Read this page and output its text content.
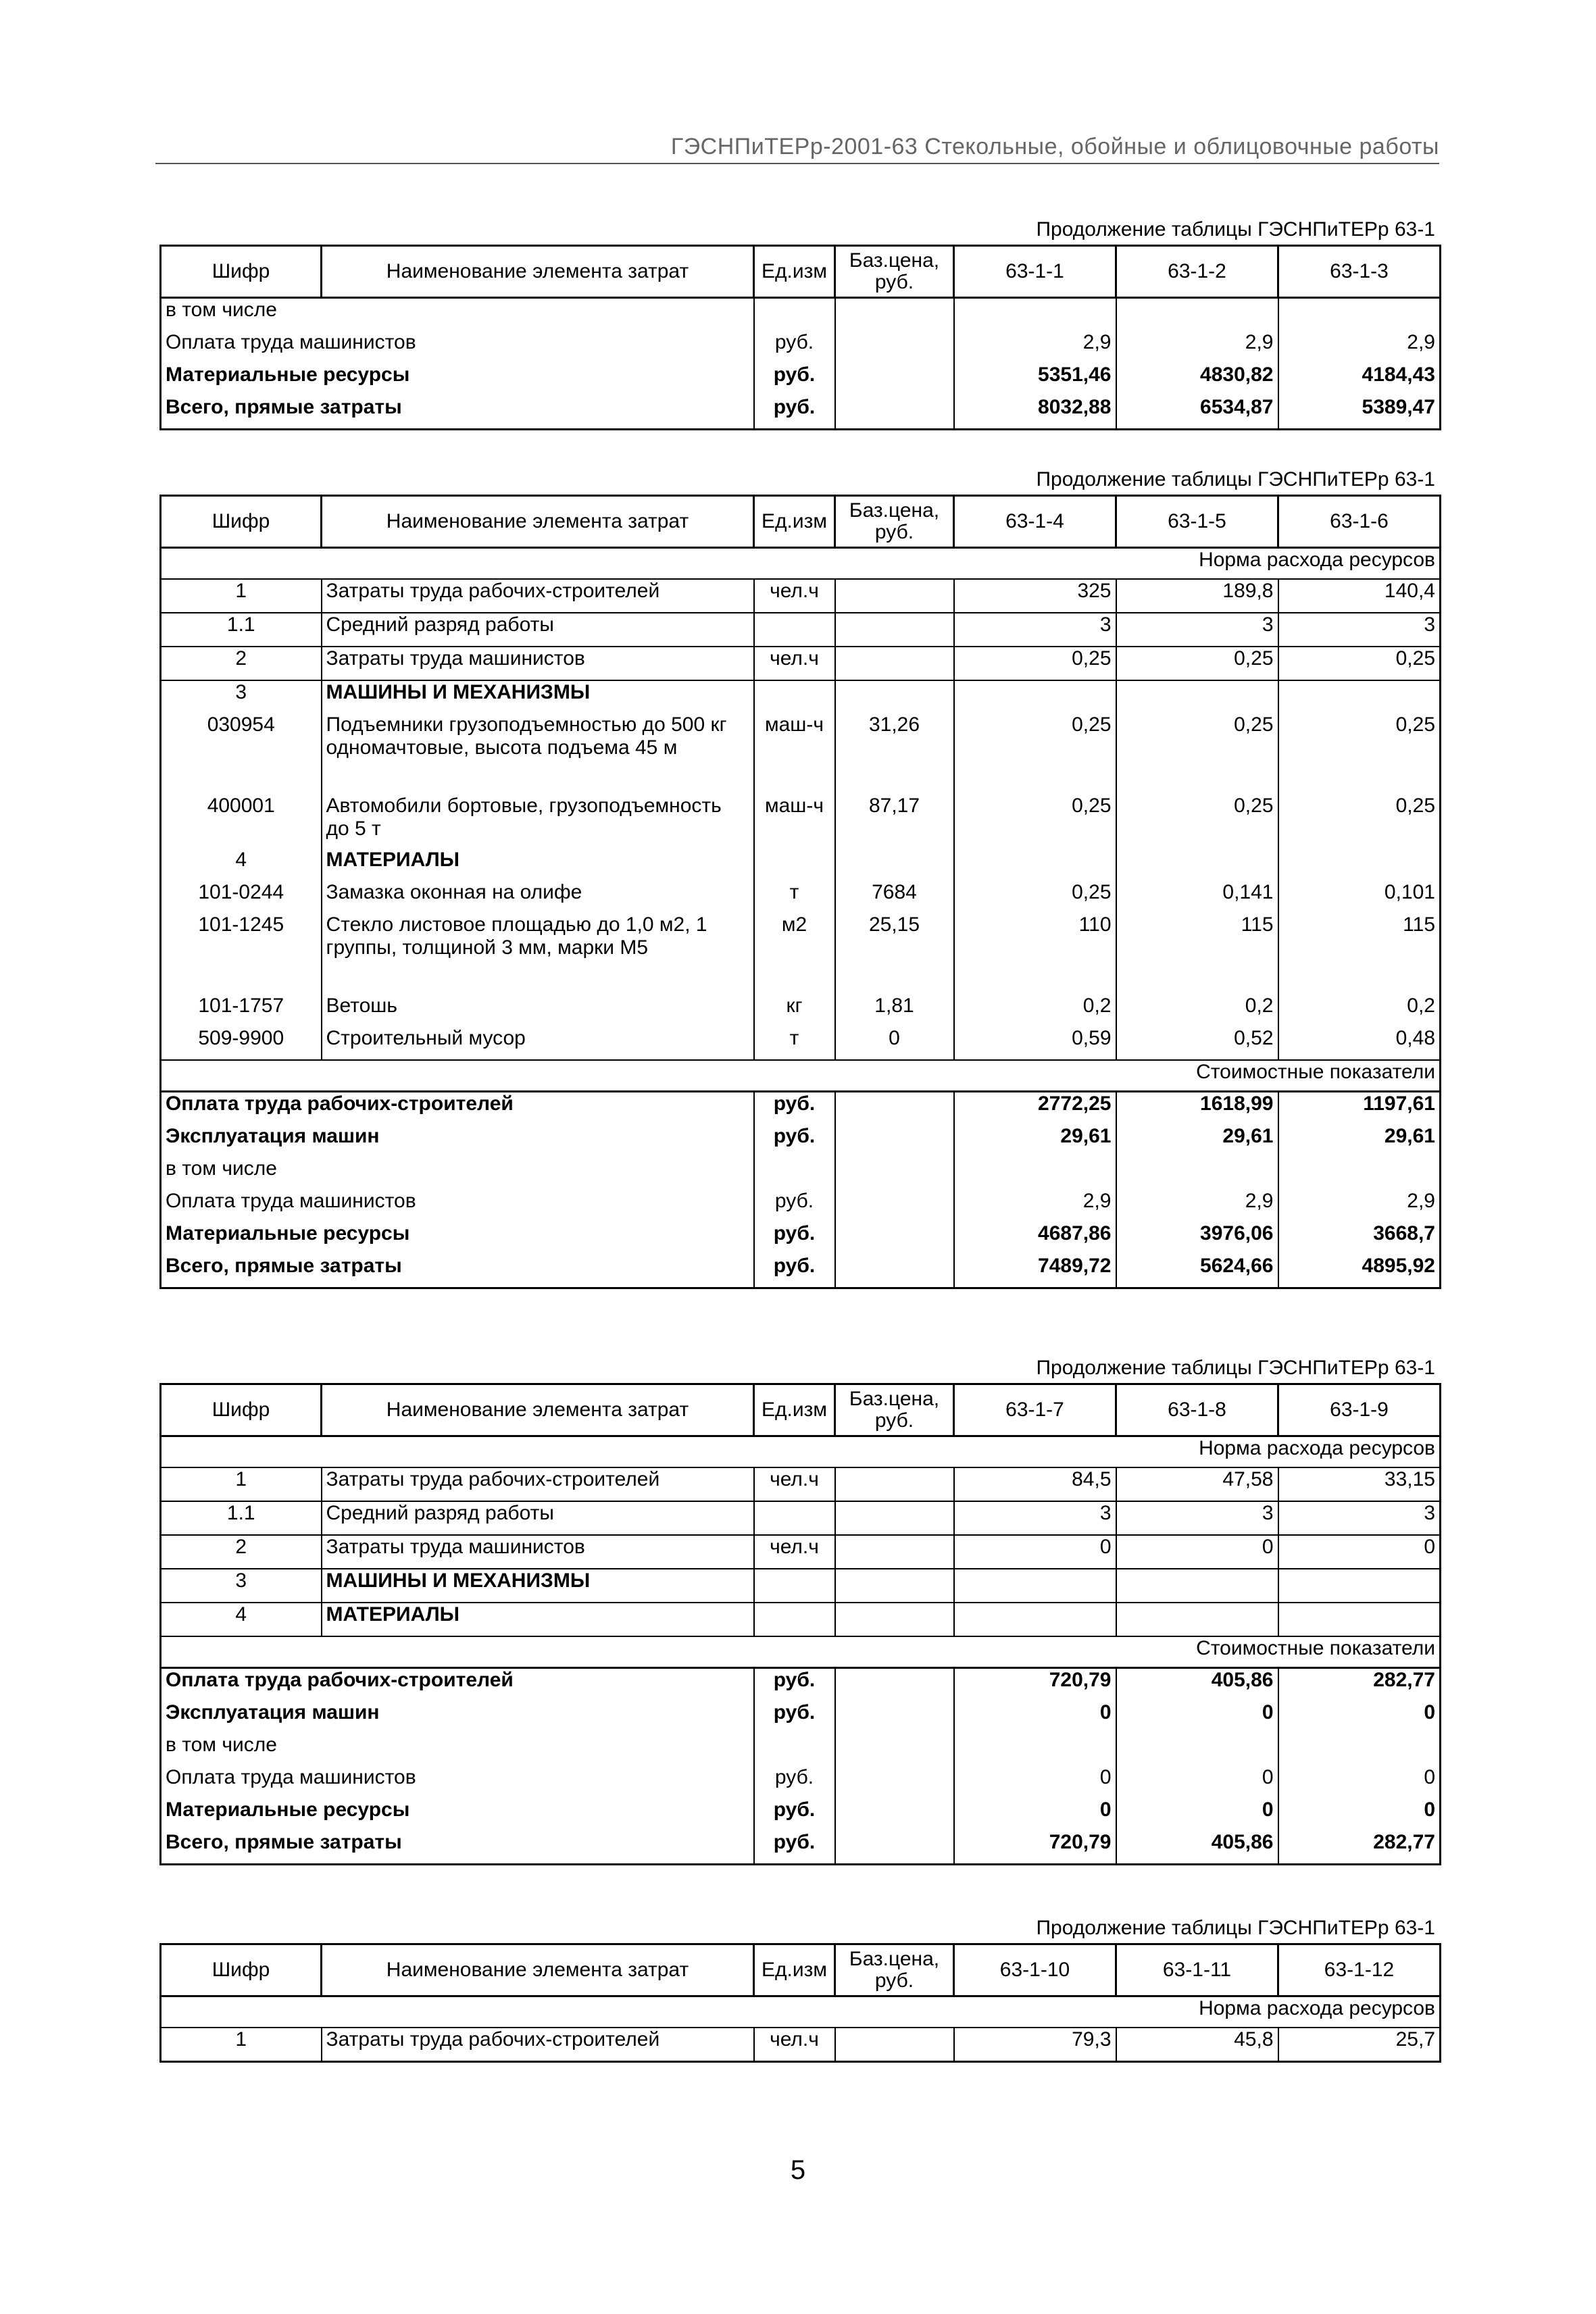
ГЭСНПиТЕРр-2001-63 Стекольные, обойные и облицовочные работы
Продолжение таблицы ГЭСНПиТЕРр 63-1
Шифр	Наименование элемента затрат	Ед.изм	Баз.цена, руб.	63-1-1	63-1-2	63-1-3
в том числе						
Оплата труда машинистов		руб.		2,9	2,9	2,9
Материальные ресурсы		руб.		5351,46	4830,82	4184,43
Всего, прямые затраты		руб.		8032,88	6534,87	5389,47
Продолжение таблицы ГЭСНПиТЕРр 63-1
Шифр	Наименование элемента затрат	Ед.изм	Баз.цена, руб.	63-1-4	63-1-5	63-1-6
Норма расхода ресурсов						
1	Затраты труда рабочих-строителей	чел.ч		325	189,8	140,4
1.1	Средний разряд работы			3	3	3
2	Затраты труда машинистов	чел.ч		0,25	0,25	0,25
3	МАШИНЫ И МЕХАНИЗМЫ					
030954	Подъемники грузоподъемностью до 500 кг одномачтовые, высота подъема 45 м	маш-ч	31,26	0,25	0,25	0,25
400001	Автомобили бортовые, грузоподъемность до 5 т	маш-ч	87,17	0,25	0,25	0,25
4	МАТЕРИАЛЫ					
101-0244	Замазка оконная на олифе	т	7684	0,25	0,141	0,101
101-1245	Стекло листовое площадью до 1,0 м2, 1 группы, толщиной 3 мм, марки М5	м2	25,15	110	115	115
101-1757	Ветошь	кг	1,81	0,2	0,2	0,2
509-9900	Строительный мусор	т	0	0,59	0,52	0,48
Стоимостные показатели						
Оплата труда рабочих-строителей		руб.		2772,25	1618,99	1197,61
Эксплуатация машин		руб.		29,61	29,61	29,61
в том числе						
Оплата труда машинистов		руб.		2,9	2,9	2,9
Материальные ресурсы		руб.		4687,86	3976,06	3668,7
Всего, прямые затраты		руб.		7489,72	5624,66	4895,92
Продолжение таблицы ГЭСНПиТЕРр 63-1
Шифр	Наименование элемента затрат	Ед.изм	Баз.цена, руб.	63-1-7	63-1-8	63-1-9
Норма расхода ресурсов						
1	Затраты труда рабочих-строителей	чел.ч		84,5	47,58	33,15
1.1	Средний разряд работы			3	3	3
2	Затраты труда машинистов	чел.ч		0	0	0
3	МАШИНЫ И МЕХАНИЗМЫ					
4	МАТЕРИАЛЫ					
Стоимостные показатели						
Оплата труда рабочих-строителей		руб.		720,79	405,86	282,77
Эксплуатация машин		руб.		0	0	0
в том числе						
Оплата труда машинистов		руб.		0	0	0
Материальные ресурсы		руб.		0	0	0
Всего, прямые затраты		руб.		720,79	405,86	282,77
Продолжение таблицы ГЭСНПиТЕРр 63-1
Шифр	Наименование элемента затрат	Ед.изм	Баз.цена, руб.	63-1-10	63-1-11	63-1-12
Норма расхода ресурсов						
1	Затраты труда рабочих-строителей	чел.ч		79,3	45,8	25,7
5
